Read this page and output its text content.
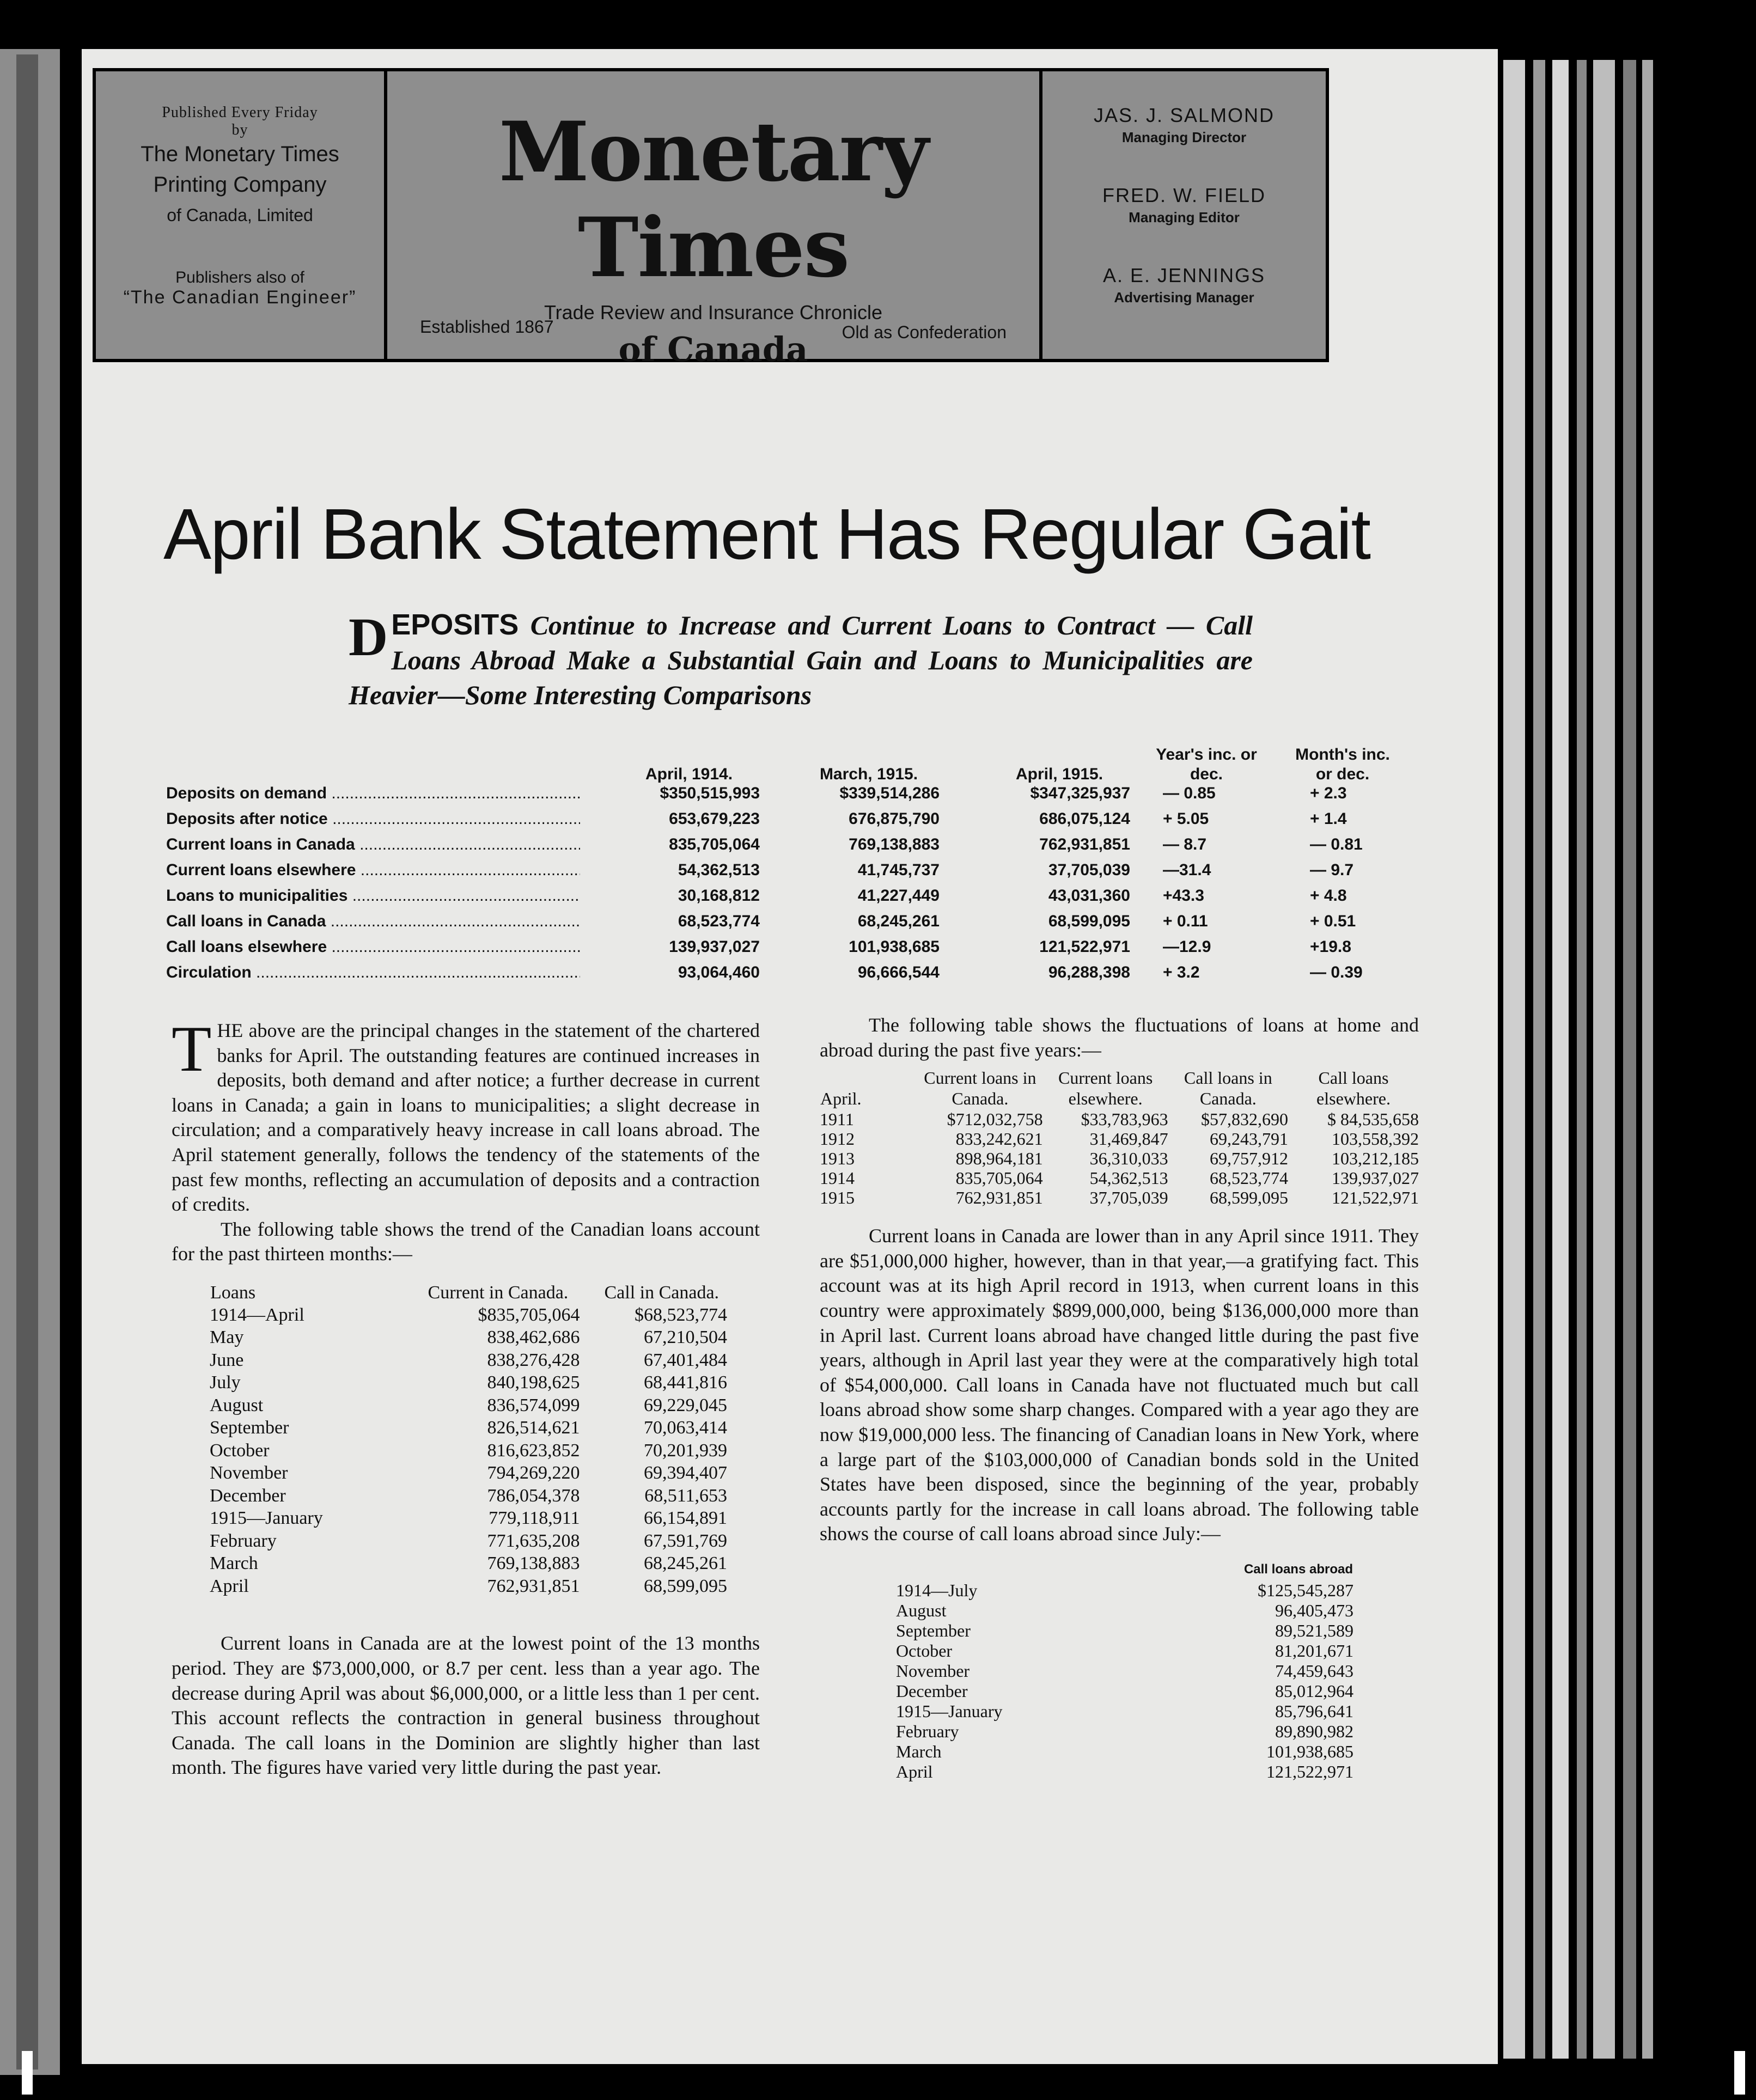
Published Every Friday
by
The Monetary Times
Printing Company
of Canada, Limited
Publishers also of
“The Canadian Engineer”
Monetary Times
Trade Review and Insurance Chronicle
of Canada
Established 1867	Old as Confederation
JAS. J. SALMOND
Managing Director
FRED. W. FIELD
Managing Editor
A. E. JENNINGS
Advertising Manager
April Bank Statement Has Regular Gait
DEPOSITS Continue to Increase and Current Loans to Contract — Call Loans Abroad Make a Substantial Gain and Loans to Municipalities are Heavier—Some Interesting Comparisons
April, 1914.	March, 1915.	April, 1915.
Year's inc. or dec.
Month's inc. or dec.
Deposits on demand .....	$350,515,993	$339,514,286	$347,325,937 — 0.85	+ 2.3
Deposits after notice .....	653,679,223	676,875,790	686,075,124 + 5.05	+ 1.4
Current loans in Canada .....	835,705,064	769,138,883	762,931,851 — 8.7	— 0.81
Current loans elsewhere .....	54,362,513	41,745,737	37,705,039 —31.4	— 9.7
Loans to municipalities .....	30,168,812	41,227,449	43,031,360 +43.3	+ 4.8
Call loans in Canada .....	68,523,774	68,245,261	68,599,095 + 0.11	+ 0.51
Call loans elsewhere .....	139,937,027	101,938,685	121,522,971 —12.9	+19.8
Circulation .....	93,064,460	96,666,544	96,288,398 + 3.2	— 0.39

THE above are the principal changes in the statement of the chartered banks for April. The outstanding features are continued increases in deposits, both demand and after notice; a further decrease in current loans in Canada; a gain in loans to municipalities; a slight decrease in circulation; and a comparatively heavy increase in call loans abroad. The April statement generally, follows the tendency of the statements of the past few months, reflecting an accumulation of deposits and a contraction of credits.

The following table shows the trend of the Canadian loans account for the past thirteen months:—

Loans	Current in Canada.	Call in Canada.
1914—April	$835,705,064	$68,523,774
May	838,462,686	67,210,504
June	838,276,428	67,401,484
July	840,198,625	68,441,816
August	836,574,099	69,229,045
September	826,514,621	70,063,414
October	816,623,852	70,201,939
November	794,269,220	69,394,407
December	786,054,378	68,511,653
1915—January	779,118,911	66,154,891
February	771,635,208	67,591,769
March	769,138,883	68,245,261
April	762,931,851	68,599,095

Current loans in Canada are at the lowest point of the 13 months period. They are $73,000,000, or 8.7 per cent. less than a year ago. The decrease during April was about $6,000,000, or a little less than 1 per cent. This account reflects the contraction in general business throughout Canada. The call loans in the Dominion are slightly higher than last month. The figures have varied very little during the past year.

The following table shows the fluctuations of loans at home and abroad during the past five years:—

April.	Current loans in Canada.	Current loans elsewhere.	Call loans in Canada.	Call loans elsewhere.
1911	$712,032,758	$33,783,963	$57,832,690	$ 84,535,658
1912	833,242,621	31,469,847	69,243,791	103,558,392
1913	898,964,181	36,310,033	69,757,912	103,212,185
1914	835,705,064	54,362,513	68,523,774	139,937,027
1915	762,931,851	37,705,039	68,599,095	121,522,971

Current loans in Canada are lower than in any April since 1911. They are $51,000,000 higher, however, than in that year,—a gratifying fact. This account was at its high April record in 1913, when current loans in this country were approximately $899,000,000, being $136,000,000 more than in April last. Current loans abroad have changed little during the past five years, although in April last year they were at the comparatively high total of $54,000,000. Call loans in Canada have not fluctuated much but call loans abroad show some sharp changes. Compared with a year ago they are now $19,000,000 less. The financing of Canadian loans in New York, where a large part of the $103,000,000 of Canadian bonds sold in the United States have been disposed, since the beginning of the year, probably accounts partly for the increase in call loans abroad. The following table shows the course of call loans abroad since July:—

	Call loans abroad
1914—July	$125,545,287
August	96,405,473
September	89,521,589
October	81,201,671
November	74,459,643
December	85,012,964
1915—January	85,796,641
February	89,890,982
March	101,938,685
April	121,522,971
